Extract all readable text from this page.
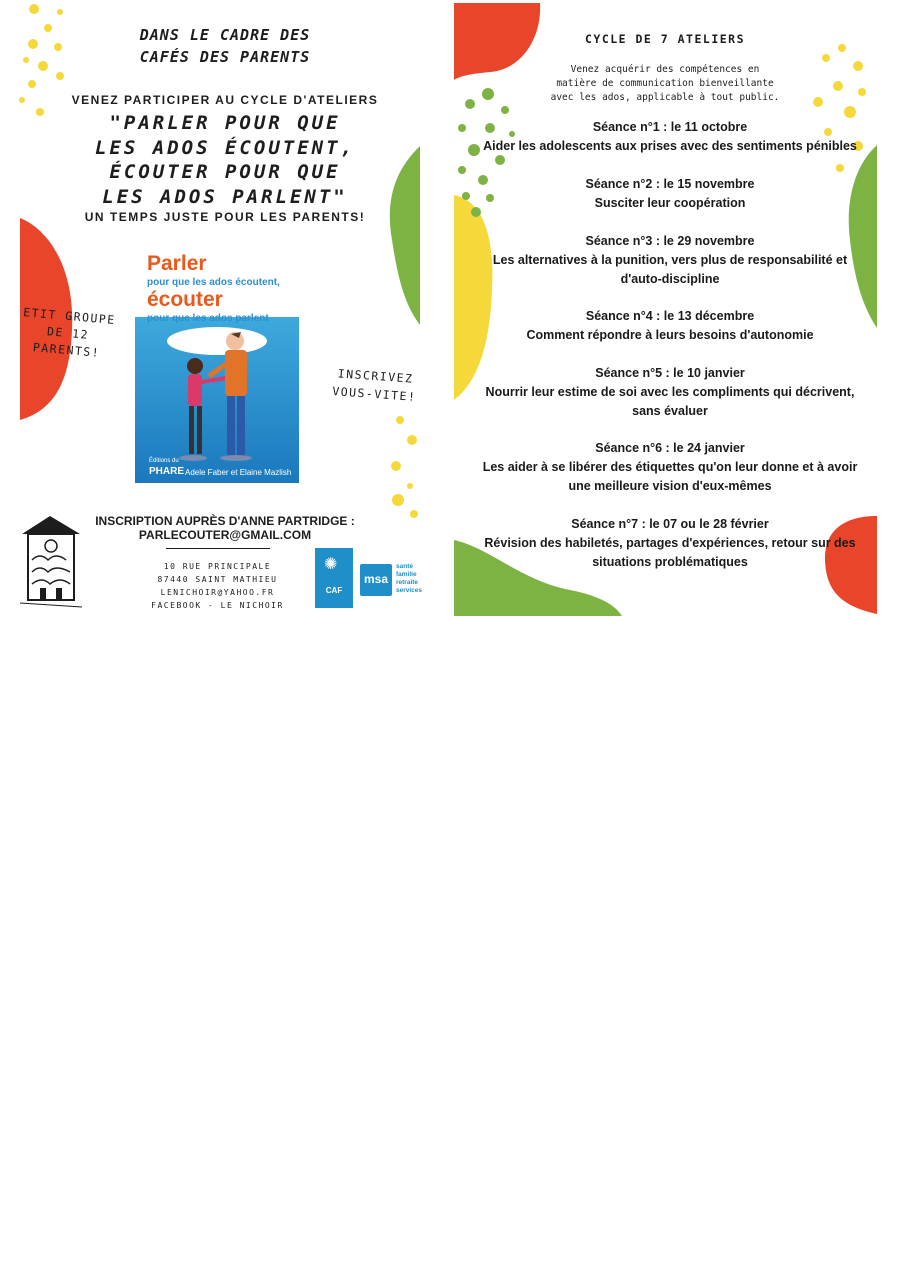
DANS LE CADRE DES
CAFÉS DES PARENTS
VENEZ PARTICIPER AU CYCLE D'ATELIERS
"PARLER POUR QUE
LES ADOS ÉCOUTENT,
ÉCOUTER POUR QUE
LES ADOS PARLENT"
UN TEMPS JUSTE POUR LES PARENTS!
ETIT GROUPE
DE 12
PARENTS!
INSCRIVEZ
VOUS-VITE!
Parler
pour que les ados écoutent,
écouter
pour que les ados parlent
Éditions du
PHARE Adele Faber et Elaine Mazlish
INSCRIPTION AUPRÈS D'ANNE PARTRIDGE :
PARLECOUTER@GMAIL.COM
10 RUE PRINCIPALE
87440 SAINT MATHIEU
LENICHOIR@YAHOO.FR
FACEBOOK - LE NICHOIR
✺
CAF
msa
santé
famille
retraite
services
CYCLE DE 7 ATELIERS
Venez acquérir des compétences en
matière de communication bienveillante
avec les ados, applicable à tout public.
Séance n°1 : le 11 octobre
Aider les adolescents aux prises avec des sentiments pénibles
Séance n°2 : le 15 novembre
Susciter leur coopération
Séance n°3 : le 29 novembre
Les alternatives à la punition, vers plus de responsabilité et
d'auto-discipline
Séance n°4 : le 13 décembre
Comment répondre à leurs besoins d'autonomie
Séance n°5 : le 10 janvier
Nourrir leur estime de soi avec les compliments qui décrivent,
sans évaluer
Séance n°6 : le 24 janvier
Les aider à se libérer des étiquettes qu'on leur donne et à avoir
une meilleure vision d'eux-mêmes
Séance n°7 : le 07 ou le 28 février
Révision des habiletés, partages d'expériences, retour sur des
situations problématiques
